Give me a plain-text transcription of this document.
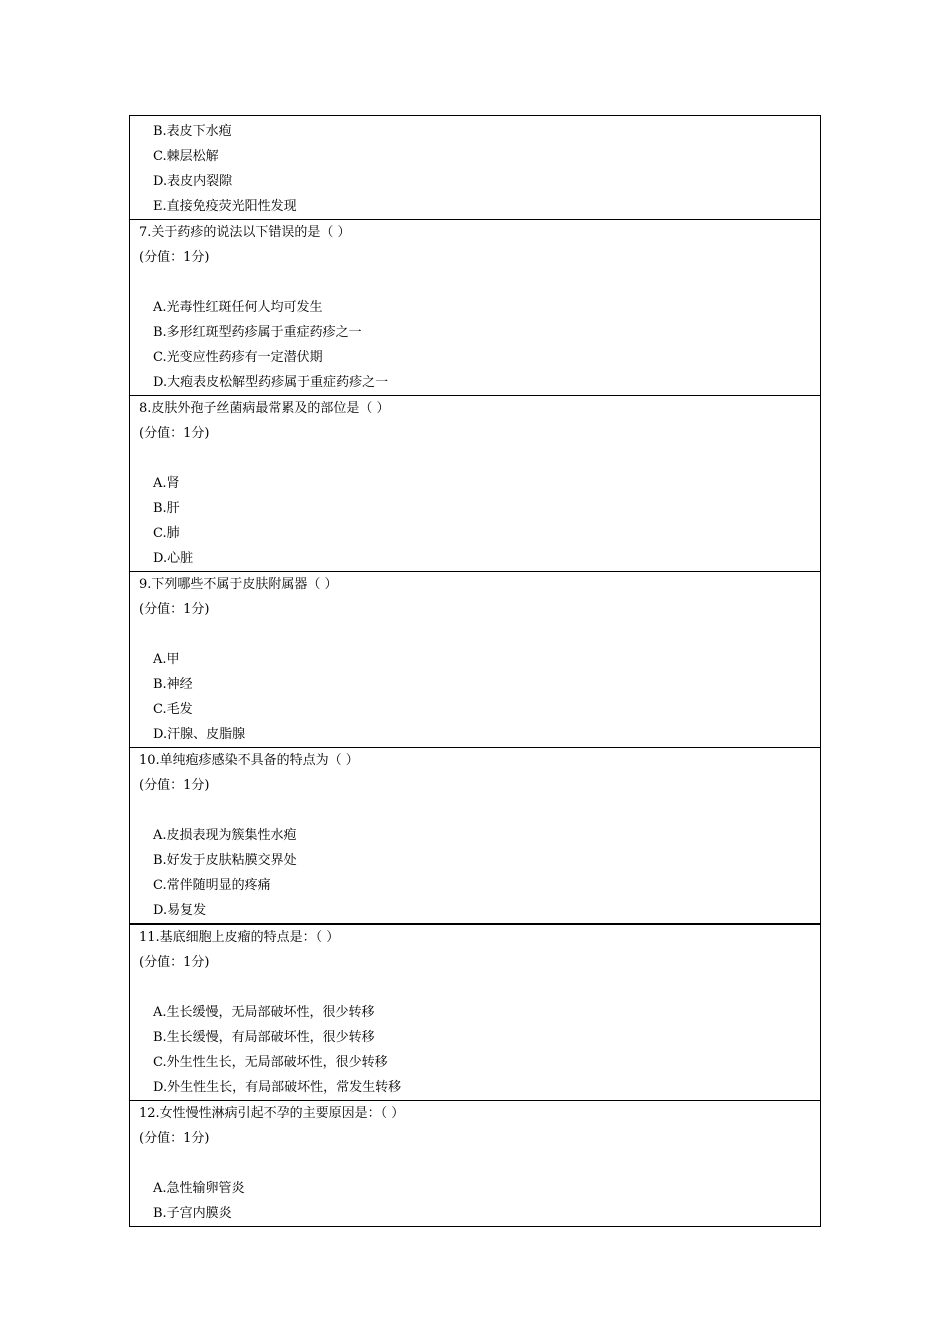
B.表皮下水疱
C.棘层松解
D.表皮内裂隙
E.直接免疫荧光阳性发现
7.关于药疹的说法以下错误的是（ ）
(分值：1分)
A.光毒性红斑任何人均可发生
B.多形红斑型药疹属于重症药疹之一
C.光变应性药疹有一定潜伏期
D.大疱表皮松解型药疹属于重症药疹之一
8.皮肤外孢子丝菌病最常累及的部位是（ ）
(分值：1分)
A.肾
B.肝
C.肺
D.心脏
9.下列哪些不属于皮肤附属器（ ）
(分值：1分)
A.甲
B.神经
C.毛发
D.汗腺、皮脂腺
10.单纯疱疹感染不具备的特点为（ ）
(分值：1分)
A.皮损表现为簇集性水疱
B.好发于皮肤粘膜交界处
C.常伴随明显的疼痛
D.易复发
11.基底细胞上皮瘤的特点是：（ ）
(分值：1分)
A.生长缓慢，无局部破坏性，很少转移
B.生长缓慢，有局部破坏性，很少转移
C.外生性生长，无局部破坏性，很少转移
D.外生性生长，有局部破坏性，常发生转移
12.女性慢性淋病引起不孕的主要原因是：（ ）
(分值：1分)
A.急性输卵管炎
B.子宫内膜炎
